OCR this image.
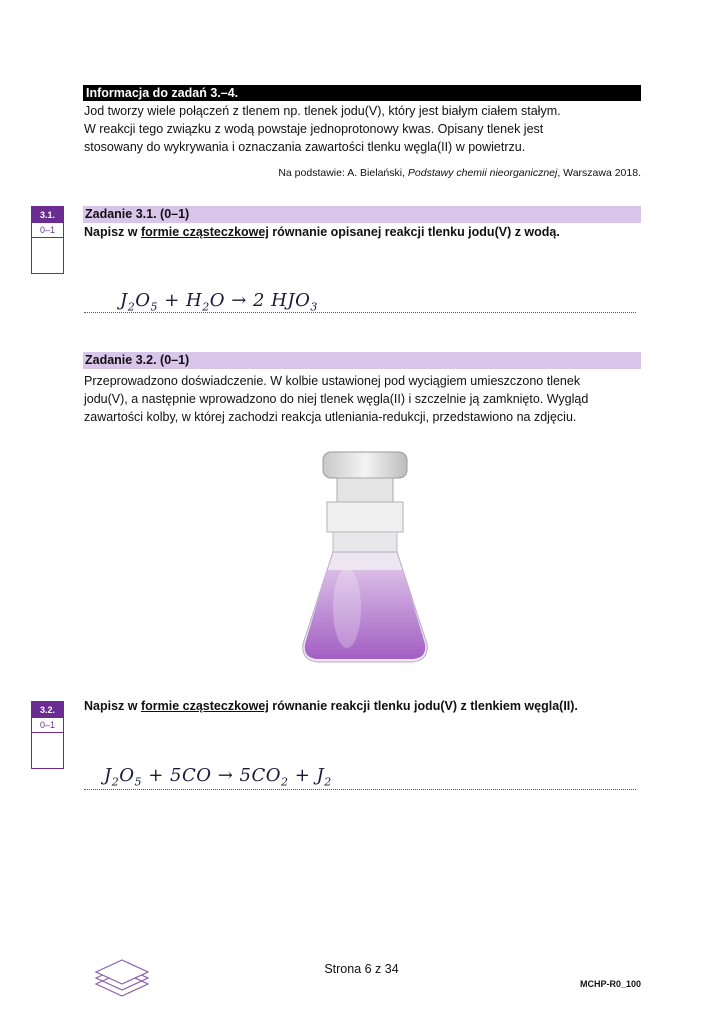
Informacja do zadań 3.–4.

Jod tworzy wiele połączeń z tlenem np. tlenek jodu(V), który jest białym ciałem stałym.

W reakcji tego związku z wodą powstaje jednoprotonowy kwas. Opisany tlenek jest

stosowany do wykrywania i oznaczania zawartości tlenku węgla(II) w powietrzu.

Na podstawie: A. Bielański, Podstawy chemii nieorganicznej, Warszawa 2018.
3.1.
0–1
Zadanie 3.1. (0–1)
Napisz w formie cząsteczkowej równanie opisanej reakcji tlenku jodu(V) z wodą.
$J_2O_5 + H_2O \to 2$ $HJO_3$
Zadanie 3.2. (0–1)

Przeprowadzono doświadczenie. W kolbie ustawionej pod wyciągiem umieszczono tlenek

jodu(V), a następnie wprowadzono do niej tlenek węgla(II) i szczelnie ją zamknięto. Wygląd

zawartości kolby, w której zachodzi reakcja utleniania-redukcji, przedstawiono na zdjęciu.

3.2.
0–1
Napisz w formie cząsteczkowej równanie reakcji tlenku jodu(V) z tlenkiem węgla(II).
$J_2O_5 + 5CO \to 5CO_2 + J_2$
Strona 6 z 34
MCHP-R0_100
